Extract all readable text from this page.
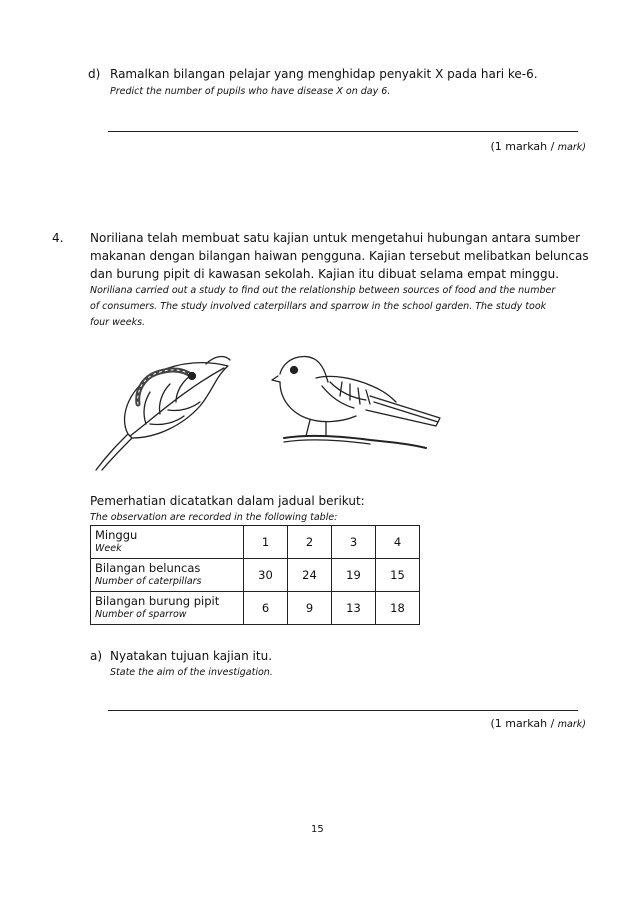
d) Ramalkan bilangan pelajar yang menghidap penyakit X pada hari ke-6.
Predict the number of pupils who have disease X on day 6.
(1 markah / mark)
4. Noriliana telah membuat satu kajian untuk mengetahui hubungan antara sumber
makanan dengan bilangan haiwan pengguna. Kajian tersebut melibatkan beluncas
dan burung pipit di kawasan sekolah. Kajian itu dibuat selama empat minggu.
Noriliana carried out a study to find out the relationship between sources of food and the number
of consumers. The study involved caterpillars and sparrow in the school garden. The study took
four weeks.
Pemerhatian dicatatkan dalam jadual berikut:
The observation are recorded in the following table:
Minggu
Week	1	2	3	4

Bilangan beluncas
Number of caterpillars	30	24	19	15

Bilangan burung pipit
Number of sparrow	6	9	13	18
a) Nyatakan tujuan kajian itu.
State the aim of the investigation.
(1 markah / mark)
15
